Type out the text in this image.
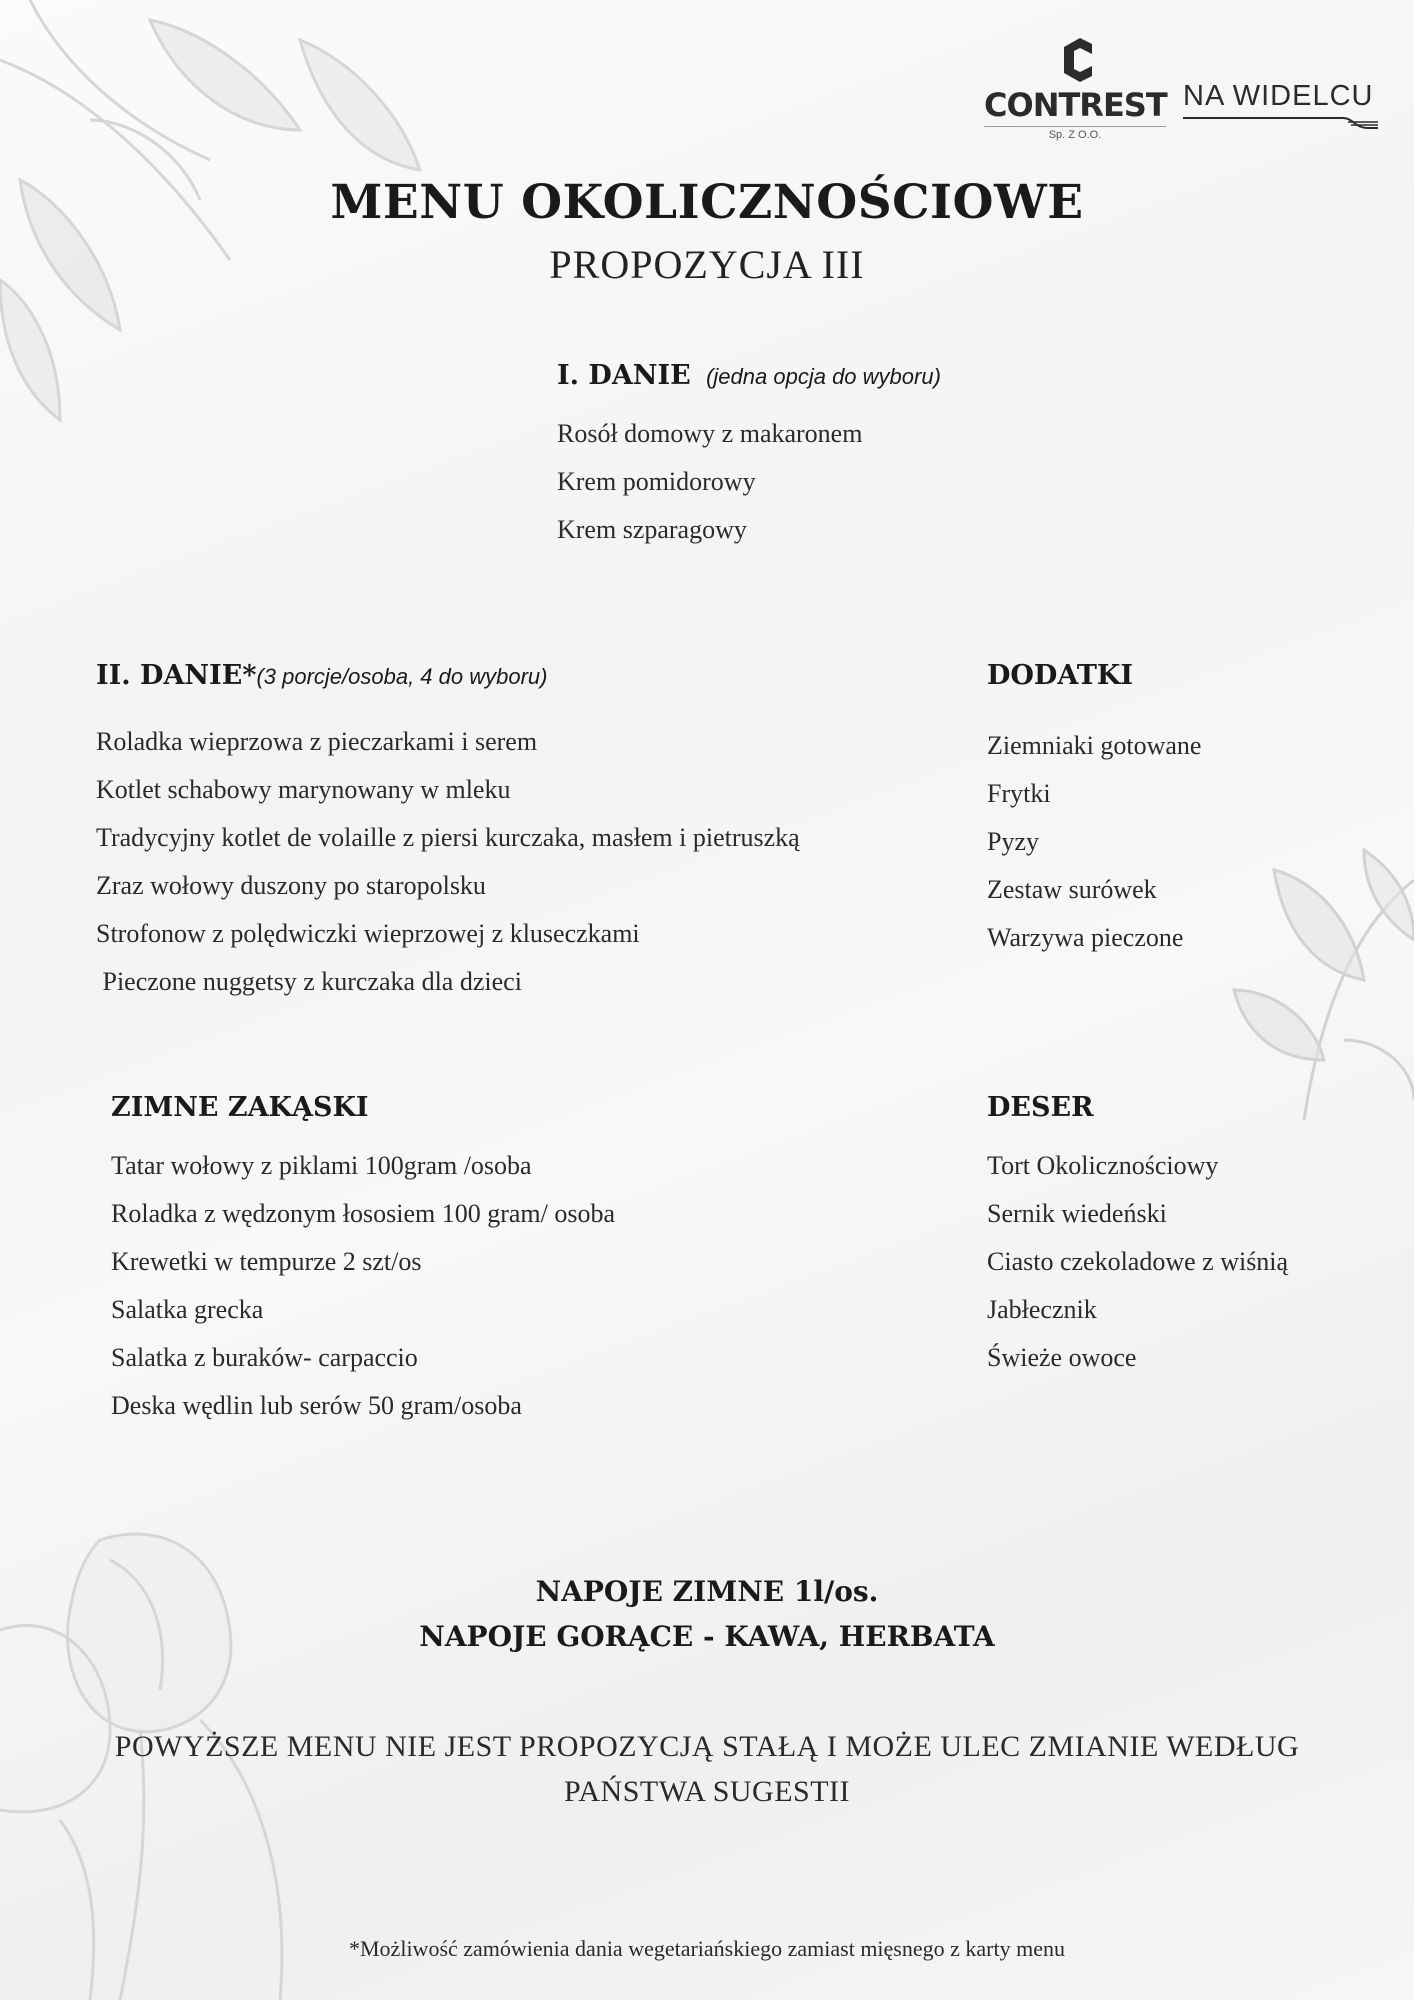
CONTREST
Sp. Z O.O.
NA WIDELCU
MENU OKOLICZNOŚCIOWE
PROPOZYCJA III
I. DANIE (jedna opcja do wyboru)
Rosół domowy z makaronem
Krem pomidorowy
Krem szparagowy
II. DANIE*(3 porcje/osoba, 4 do wyboru)
Roladka wieprzowa z pieczarkami i serem
Kotlet schabowy marynowany w mleku
Tradycyjny kotlet de volaille z piersi kurczaka, masłem i pietruszką
Zraz wołowy duszony po staropolsku
Strofonow z polędwiczki wieprzowej z kluseczkami
Pieczone nuggetsy z kurczaka dla dzieci
DODATKI
Ziemniaki gotowane
Frytki
Pyzy
Zestaw surówek
Warzywa pieczone
ZIMNE ZAKĄSKI
Tatar wołowy z piklami 100gram /osoba
Roladka z wędzonym łososiem 100 gram/ osoba
Krewetki w tempurze 2 szt/os
Salatka grecka
Salatka z buraków- carpaccio
Deska wędlin lub serów 50 gram/osoba
DESER
Tort Okolicznościowy
Sernik wiedeński
Ciasto czekoladowe z wiśnią
Jabłecznik
Świeże owoce
NAPOJE ZIMNE 1l/os.
NAPOJE GORĄCE - KAWA, HERBATA
POWYŻSZE MENU NIE JEST PROPOZYCJĄ STAŁĄ I MOŻE ULEC ZMIANIE WEDŁUG
PAŃSTWA SUGESTII
*Możliwość zamówienia dania wegetariańskiego zamiast mięsnego z karty menu
